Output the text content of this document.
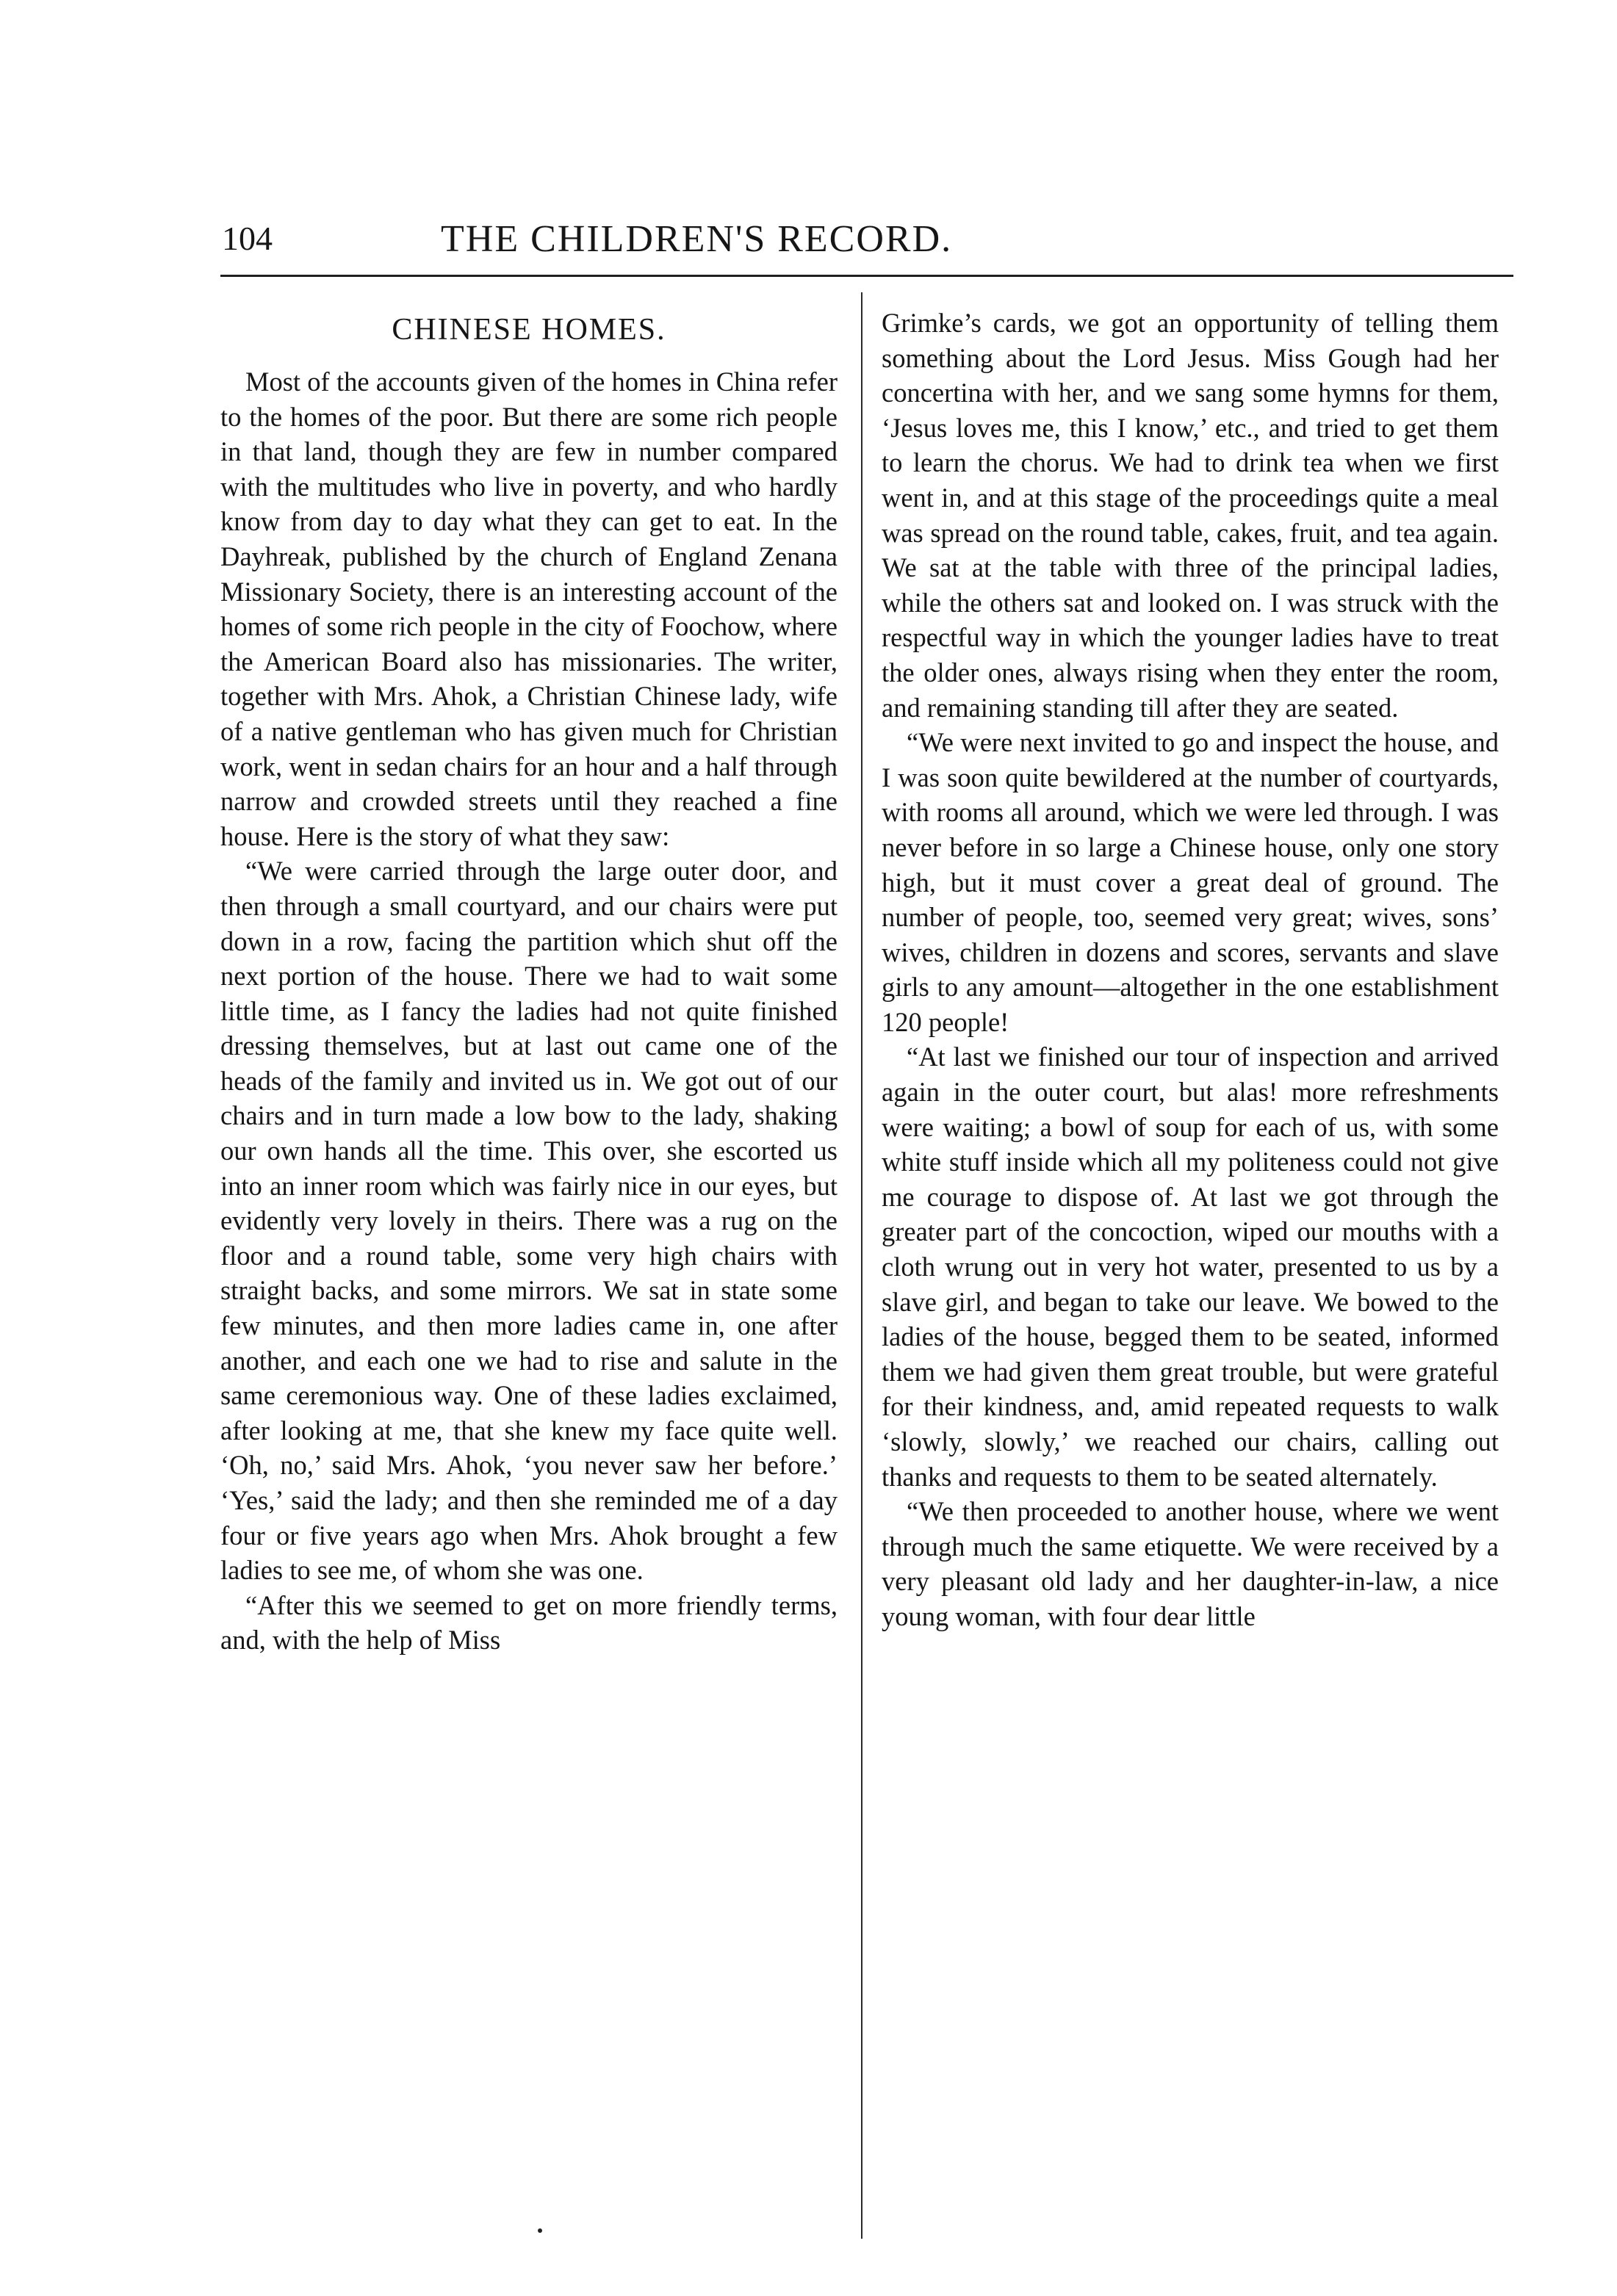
104	THE CHILDREN'S RECORD.
CHINESE HOMES.

Most of the accounts given of the homes in China refer to the homes of the poor. But there are some rich people in that land, though they are few in number compared with the multitudes who live in poverty, and who hardly know from day to day what they can get to eat. In the Dayhreak, published by the church of England Zenana Missionary Society, there is an interesting account of the homes of some rich people in the city of Foochow, where the American Board also has missionaries. The writer, together with Mrs. Ahok, a Christian Chinese lady, wife of a native gentleman who has given much for Christian work, went in sedan chairs for an hour and a half through narrow and crowded streets until they reached a fine house. Here is the story of what they saw:

“We were carried through the large outer door, and then through a small courtyard, and our chairs were put down in a row, facing the partition which shut off the next portion of the house. There we had to wait some little time, as I fancy the ladies had not quite finished dressing themselves, but at last out came one of the heads of the family and invited us in. We got out of our chairs and in turn made a low bow to the lady, shaking our own hands all the time. This over, she escorted us into an inner room which was fairly nice in our eyes, but evidently very lovely in theirs. There was a rug on the floor and a round table, some very high chairs with straight backs, and some mirrors. We sat in state some few minutes, and then more ladies came in, one after another, and each one we had to rise and salute in the same ceremonious way. One of these ladies exclaimed, after looking at me, that she knew my face quite well. ‘Oh, no,’ said Mrs. Ahok, ‘you never saw her before.’ ‘Yes,’ said the lady; and then she reminded me of a day four or five years ago when Mrs. Ahok brought a few ladies to see me, of whom she was one.

“After this we seemed to get on more friendly terms, and, with the help of Miss

Grimke’s cards, we got an opportunity of telling them something about the Lord Jesus. Miss Gough had her concertina with her, and we sang some hymns for them, ‘Jesus loves me, this I know,’ etc., and tried to get them to learn the chorus. We had to drink tea when we first went in, and at this stage of the proceedings quite a meal was spread on the round table, cakes, fruit, and tea again. We sat at the table with three of the principal ladies, while the others sat and looked on. I was struck with the respectful way in which the younger ladies have to treat the older ones, always rising when they enter the room, and remaining standing till after they are seated.

“We were next invited to go and inspect the house, and I was soon quite bewildered at the number of courtyards, with rooms all around, which we were led through. I was never before in so large a Chinese house, only one story high, but it must cover a great deal of ground. The number of people, too, seemed very great; wives, sons’ wives, children in dozens and scores, servants and slave girls to any amount—altogether in the one establishment 120 people!

“At last we finished our tour of inspection and arrived again in the outer court, but alas! more refreshments were waiting; a bowl of soup for each of us, with some white stuff inside which all my politeness could not give me courage to dispose of. At last we got through the greater part of the concoction, wiped our mouths with a cloth wrung out in very hot water, presented to us by a slave girl, and began to take our leave. We bowed to the ladies of the house, begged them to be seated, informed them we had given them great trouble, but were grateful for their kindness, and, amid repeated requests to walk ‘slowly, slowly,’ we reached our chairs, calling out thanks and requests to them to be seated alternately.

“We then proceeded to another house, where we went through much the same etiquette. We were received by a very pleasant old lady and her daughter-in-law, a nice young woman, with four dear little
